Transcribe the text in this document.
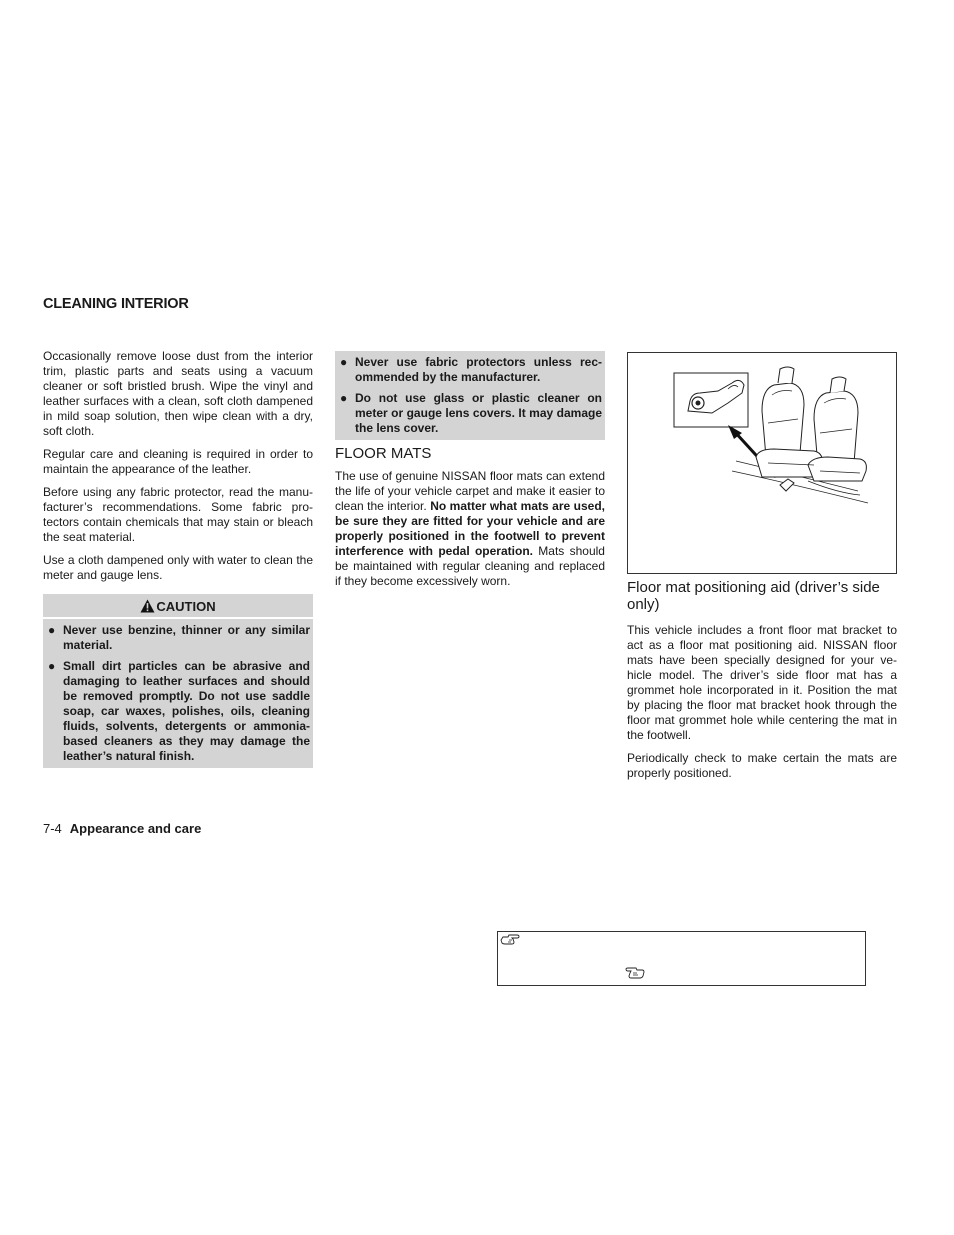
CLEANING INTERIOR

Occasionally remove loose dust from the interior trim, plastic parts and seats using a vacuum cleaner or soft bristled brush. Wipe the vinyl and leather surfaces with a clean, soft cloth dampened in mild soap solution, then wipe clean with a dry, soft cloth.

Regular care and cleaning is required in order to maintain the appearance of the leather.

Before using any fabric protector, read the manufacturer’s recommendations. Some fabric protectors contain chemicals that may stain or bleach the seat material.

Use a cloth dampened only with water to clean the meter and gauge lens.

CAUTION
● Never use benzine, thinner or any similar material.
● Small dirt particles can be abrasive and damaging to leather surfaces and should be removed promptly. Do not use saddle soap, car waxes, polishes, oils, cleaning fluids, solvents, detergents or ammonia-based cleaners as they may damage the leather’s natural finish.
● Never use fabric protectors unless recommended by the manufacturer.
● Do not use glass or plastic cleaner on meter or gauge lens covers. It may damage the lens cover.
FLOOR MATS

The use of genuine NISSAN floor mats can extend the life of your vehicle carpet and make it easier to clean the interior. No matter what mats are used, be sure they are fitted for your vehicle and are properly positioned in the footwell to prevent interference with pedal operation. Mats should be maintained with regular cleaning and replaced if they become excessively worn.	Floor mat positioning aid (driver’s side only)

This vehicle includes a front floor mat bracket to act as a floor mat positioning aid. NISSAN floor mats have been specially designed for your vehicle model. The driver’s side floor mat has a grommet hole incorporated in it. Position the mat by placing the floor mat bracket hook through the floor mat grommet hole while centering the mat in the footwell.

Periodically check to make certain the mats are properly positioned.

7-4 Appearance and care
